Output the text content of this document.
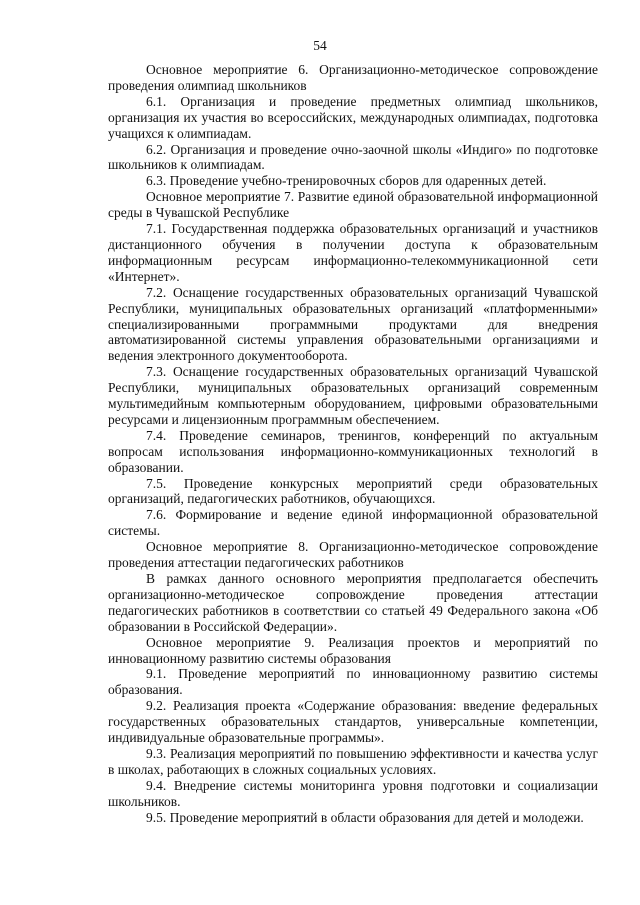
54

Основное мероприятие 6. Организационно-методическое сопровождение проведения олимпиад школьников

6.1. Организация и проведение предметных олимпиад школьников, организация их участия во всероссийских, международных олимпиадах, подготовка учащихся к олимпиадам.

6.2. Организация и проведение очно-заочной школы «Индиго» по подготовке школьников к олимпиадам.

6.3. Проведение учебно-тренировочных сборов для одаренных детей.

Основное мероприятие 7. Развитие единой образовательной информационной среды в Чувашской Республике

7.1. Государственная поддержка образовательных организаций и участников дистанционного обучения в получении доступа к образовательным информационным ресурсам информационно-телекоммуникационной сети «Интернет».

7.2. Оснащение государственных образовательных организаций Чувашской Республики, муниципальных образовательных организаций «платформенными» специализированными программными продуктами для внедрения автоматизированной системы управления образовательными организациями и ведения электронного документооборота.

7.3. Оснащение государственных образовательных организаций Чувашской Республики, муниципальных образовательных организаций современным мультимедийным компьютерным оборудованием, цифровыми образовательными ресурсами и лицензионным программным обеспечением.

7.4. Проведение семинаров, тренингов, конференций по актуальным вопросам использования информационно-коммуникационных технологий в образовании.

7.5. Проведение конкурсных мероприятий среди образовательных организаций, педагогических работников, обучающихся.

7.6. Формирование и ведение единой информационной образовательной системы.

Основное мероприятие 8. Организационно-методическое сопровождение проведения аттестации педагогических работников

В рамках данного основного мероприятия предполагается обеспечить организационно-методическое сопровождение проведения аттестации педагогических работников в соответствии со статьей 49 Федерального закона «Об образовании в Российской Федерации».

Основное мероприятие 9. Реализация проектов и мероприятий по инновационному развитию системы образования

9.1. Проведение мероприятий по инновационному развитию системы образования.

9.2. Реализация проекта «Содержание образования: введение федеральных государственных образовательных стандартов, универсальные компетенции, индивидуальные образовательные программы».

9.3. Реализация мероприятий по повышению эффективности и качества услуг в школах, работающих в сложных социальных условиях.

9.4. Внедрение системы мониторинга уровня подготовки и социализации школьников.

9.5. Проведение мероприятий в области образования для детей и молодежи.
